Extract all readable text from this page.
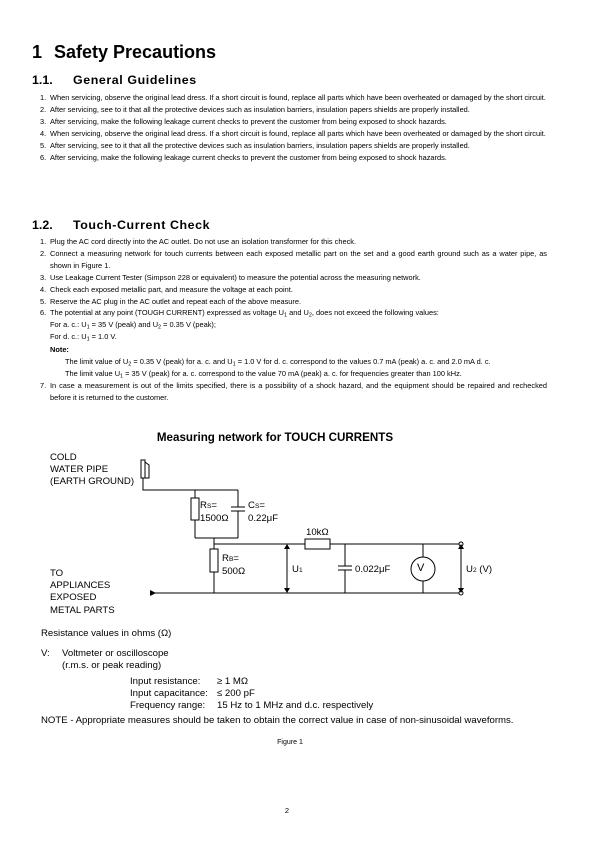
1 Safety Precautions
1.1. General Guidelines
1. When servicing, observe the original lead dress. If a short circuit is found, replace all parts which have been overheated or damaged by the short circuit.
2. After servicing, see to it that all the protective devices such as insulation barriers, insulation papers shields are properly installed.
3. After servicing, make the following leakage current checks to prevent the customer from being exposed to shock hazards.
4. When servicing, observe the original lead dress. If a short circuit is found, replace all parts which have been overheated or damaged by the short circuit.
5. After servicing, see to it that all the protective devices such as insulation barriers, insulation papers shields are properly installed.
6. After servicing, make the following leakage current checks to prevent the customer from being exposed to shock hazards.
1.2. Touch-Current Check
1. Plug the AC cord directly into the AC outlet. Do not use an isolation transformer for this check.
2. Connect a measuring network for touch currents between each exposed metallic part on the set and a good earth ground such as a water pipe, as shown in Figure 1.
3. Use Leakage Current Tester (Simpson 228 or equivalent) to measure the potential across the measuring network.
4. Check each exposed metallic part, and measure the voltage at each point.
5. Reserve the AC plug in the AC outlet and repeat each of the above measure.
6. The potential at any point (TOUGH CURRENT) expressed as voltage $U_1$ and $U_2$, does not exceed the following values:
For a. c.: $U_1 = 35$ V (peak) and $U_2 = 0.35$ V (peak);
For d. c.: $U_1 = 1.0$ V.
Note:
The limit value of $U_2 = 0.35$ V (peak) for a. c. and $U_1 = 1.0$ V for d. c. correspond to the values 0.7 mA (peak) a. c. and 2.0 mA d. c.
The limit value $U_1 = 35$ V (peak) for a. c. correspond to the value 70 mA (peak) a. c. for frequencies greater than 100 kHz.
7. In case a measurement is out of the limits specified, there is a possibility of a shock hazard, and the equipment should be repaired and rechecked before it is returned to the customer.
Measuring network for TOUCH CURRENTS
COLD
WATER PIPE
(EARTH GROUND)
TO
APPLIANCES
EXPOSED
METAL PARTS
RS=
1500Ω
CS=
0.22μF
RB=
500Ω
10kΩ
U1	0.022μF V	U2 (V)
Resistance values in ohms (Ω)
V: Voltmeter or oscilloscope
(r.m.s. or peak reading)
Input resistance:
Input capacitance:
Frequency range:
≥ 1 MΩ
≤ 200 pF
15 Hz to 1 MHz and d.c. respectively
NOTE - Appropriate measures should be taken to obtain the correct value in case of non-sinusoidal waveforms.
Figure 1
2
